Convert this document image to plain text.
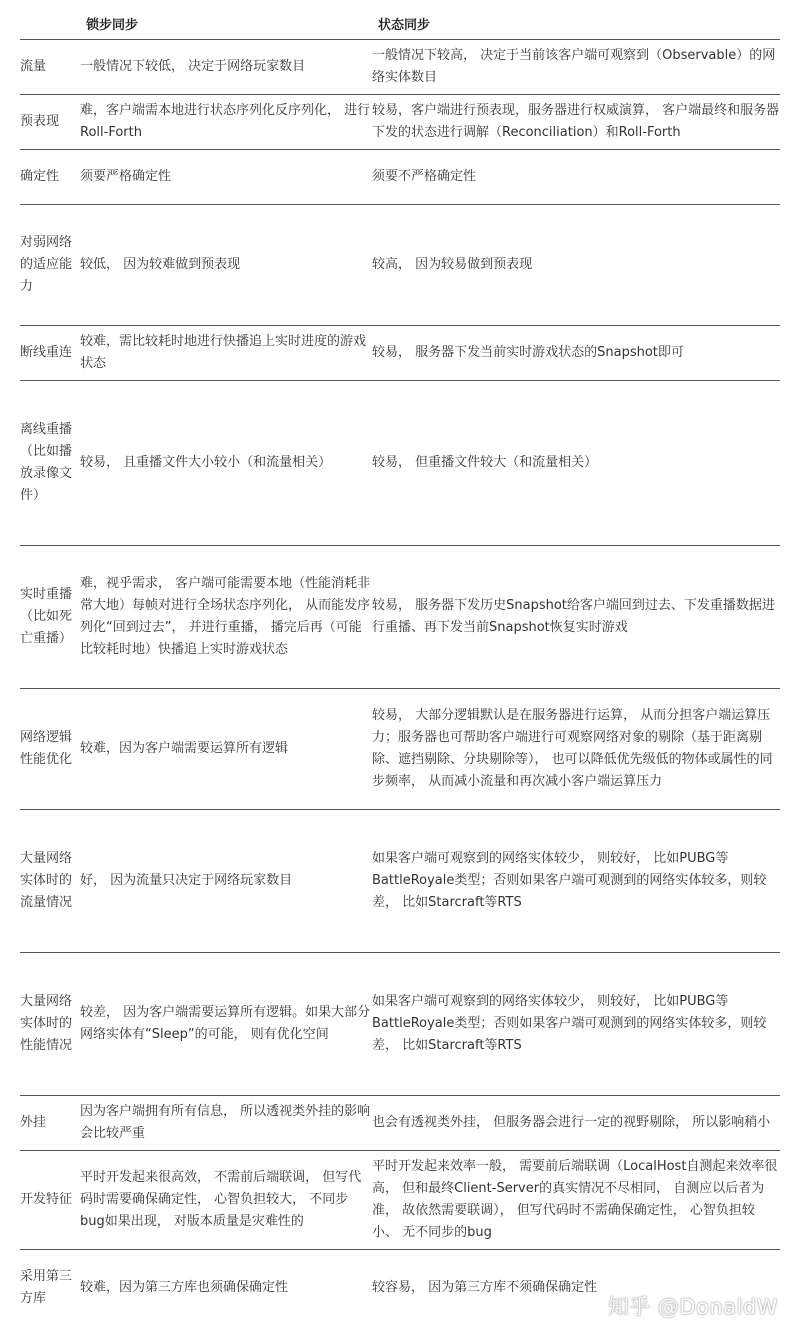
	锁步同步	状态同步
流量	一般情况下较低， 决定于网络玩家数目	一般情况下较高， 决定于当前该客户端可观察到（Observable）的网络实体数目
预表现	难，客户端需本地进行状态序列化反序列化， 进行Roll-Forth	较易，客户端进行预表现，服务器进行权威演算， 客户端最终和服务器下发的状态进行调解（Reconciliation）和Roll-Forth
确定性	须要严格确定性	须要不严格确定性
对弱网络的适应能力	较低， 因为较难做到预表现	较高， 因为较易做到预表现
断线重连	较难，需比较耗时地进行快播追上实时进度的游戏状态	较易， 服务器下发当前实时游戏状态的Snapshot即可
离线重播（比如播放录像文件）	较易， 且重播文件大小较小（和流量相关）	较易， 但重播文件较大（和流量相关）
实时重播（比如死亡重播）	难，视乎需求， 客户端可能需要本地（性能消耗非常大地）每帧对进行全场状态序列化， 从而能发序列化“回到过去”， 并进行重播， 播完后再（可能比较耗时地）快播追上实时游戏状态	较易， 服务器下发历史Snapshot给客户端回到过去、下发重播数据进行重播、再下发当前Snapshot恢复实时游戏
网络逻辑性能优化	较难，因为客户端需要运算所有逻辑	较易， 大部分逻辑默认是在服务器进行运算， 从而分担客户端运算压力；服务器也可帮助客户端进行可观察网络对象的剔除（基于距离剔除、遮挡剔除、分块剔除等）， 也可以降低优先级低的物体或属性的同步频率， 从而减小流量和再次减小客户端运算压力
大量网络实体时的流量情况	好， 因为流量只决定于网络玩家数目	如果客户端可观察到的网络实体较少， 则较好， 比如PUBG等BattleRoyale类型；否则如果客户端可观测到的网络实体较多，则较差， 比如Starcraft等RTS
大量网络实体时的性能情况	较差， 因为客户端需要运算所有逻辑。如果大部分网络实体有“Sleep”的可能， 则有优化空间	如果客户端可观察到的网络实体较少， 则较好， 比如PUBG等BattleRoyale类型；否则如果客户端可观测到的网络实体较多，则较差， 比如Starcraft等RTS
外挂	因为客户端拥有所有信息， 所以透视类外挂的影响会比较严重	也会有透视类外挂， 但服务器会进行一定的视野剔除， 所以影响稍小
开发特征	平时开发起来很高效， 不需前后端联调， 但写代码时需要确保确定性， 心智负担较大， 不同步bug如果出现， 对版本质量是灾难性的	平时开发起来效率一般， 需要前后端联调（LocalHost自测起来效率很高， 但和最终Client-Server的真实情况不尽相同， 自测应以后者为准， 故依然需要联调）， 但写代码时不需确保确定性， 心智负担较小、 无不同步的bug
采用第三方库	较难，因为第三方库也须确保确定性	较容易， 因为第三方库不须确保确定性
知乎 @DonaldW
